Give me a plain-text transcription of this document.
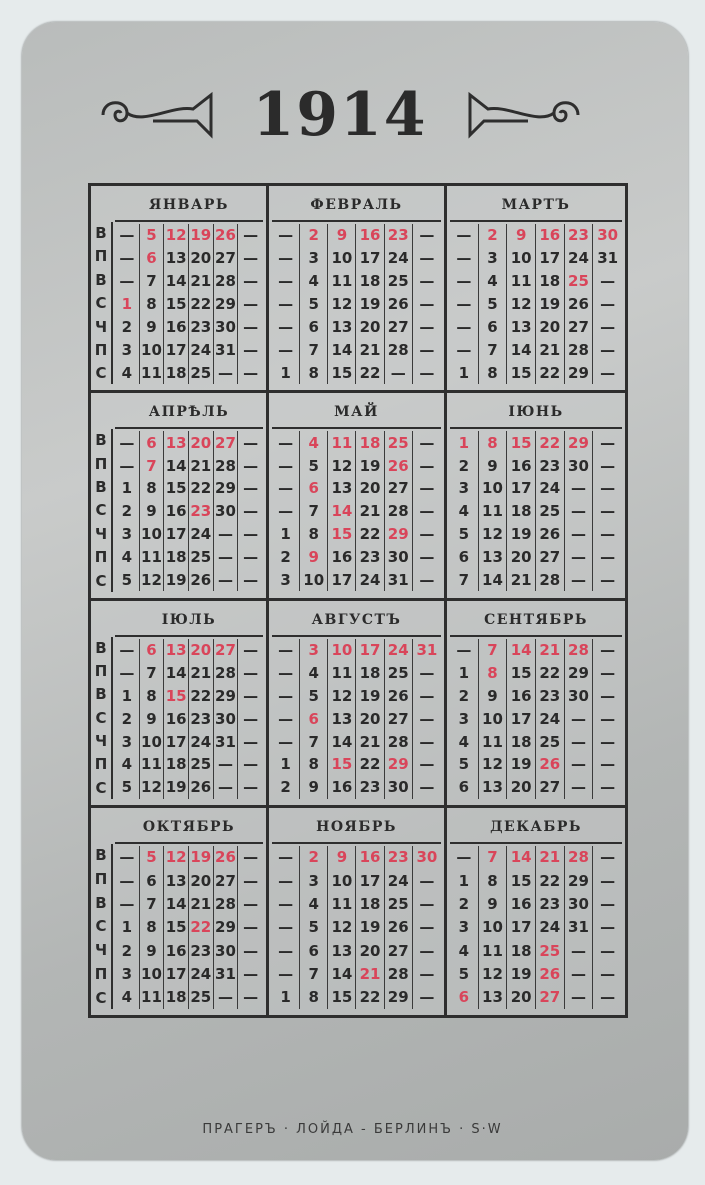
1914
В
П
В
С
Ч
П
С
ЯНВАРЬ
— 5 12 19 26 —
— 6 13 20 27 —
— 7 14 21 28 —
1 8 15 22 29 —
2 9 16 23 30 —
3 10 17 24 31 —
4 11 18 25 — —
ФЕВРАЛЬ
—	2	9 16 23 —
—	3 10 17 24 —
—	4 11 18 25 —
—	5 12 19 26 —
—	6 13 20 27 —
—	7 14 21 28 —
1	8 15 22 — —
МАРТЪ
—	2	9 16 23 30
—	3 10 17 24 31
—	4 11 18 25 —
—	5 12 19 26 —
—	6 13 20 27 —
—	7 14 21 28 —
1	8 15 22 29 —
В
П
В
С
Ч
П
С
АПРѢЛЬ
— 6 13 20 27 —
— 7 14 21 28 —
1 8 15 22 29 —
2 9 16 23 30 —
3 10 17 24 — —
4 11 18 25 — —
5 12 19 26 — —
МАЙ
—	4 11 18 25 —
—	5 12 19 26 —
—	6 13 20 27 —
—	7 14 21 28 —
1	8 15 22 29 —
2	9 16 23 30 —
3 10 17 24 31 —
ІЮНЬ
1	8 15 22 29 —
2	9 16 23 30 —
3 10 17 24 — —
4 11 18 25 — —
5 12 19 26 — —
6 13 20 27 — —
7 14 21 28 — —
В
П
В
С
Ч
П
С
ІЮЛЬ
— 6 13 20 27 —
— 7 14 21 28 —
1 8 15 22 29 —
2 9 16 23 30 —
3 10 17 24 31 —
4 11 18 25 — —
5 12 19 26 — —
АВГУСТЪ
—	3 10 17 24 31
—	4 11 18 25 —
—	5 12 19 26 —
—	6 13 20 27 —
—	7 14 21 28 —
1	8 15 22 29 —
2	9 16 23 30 —
СЕНТЯБРЬ
—	7 14 21 28 —
1	8 15 22 29 —
2	9 16 23 30 —
3 10 17 24 — —
4 11 18 25 — —
5 12 19 26 — —
6 13 20 27 — —
В
П
В
С
Ч
П
С
ОКТЯБРЬ
— 5 12 19 26 —
— 6 13 20 27 —
— 7 14 21 28 —
1 8 15 22 29 —
2 9 16 23 30 —
3 10 17 24 31 —
4 11 18 25 — —
НОЯБРЬ
—	2	9 16 23 30
—	3 10 17 24 —
—	4 11 18 25 —
—	5 12 19 26 —
—	6 13 20 27 —
—	7 14 21 28 —
1	8 15 22 29 —
ДЕКАБРЬ
—	7 14 21 28 —
1	8 15 22 29 —
2	9 16 23 30 —
3 10 17 24 31 —
4 11 18 25 — —
5 12 19 26 — —
6 13 20 27 — —
ПРАГЕРЪ · ЛОЙДА - БЕРЛИНЪ · S·W
